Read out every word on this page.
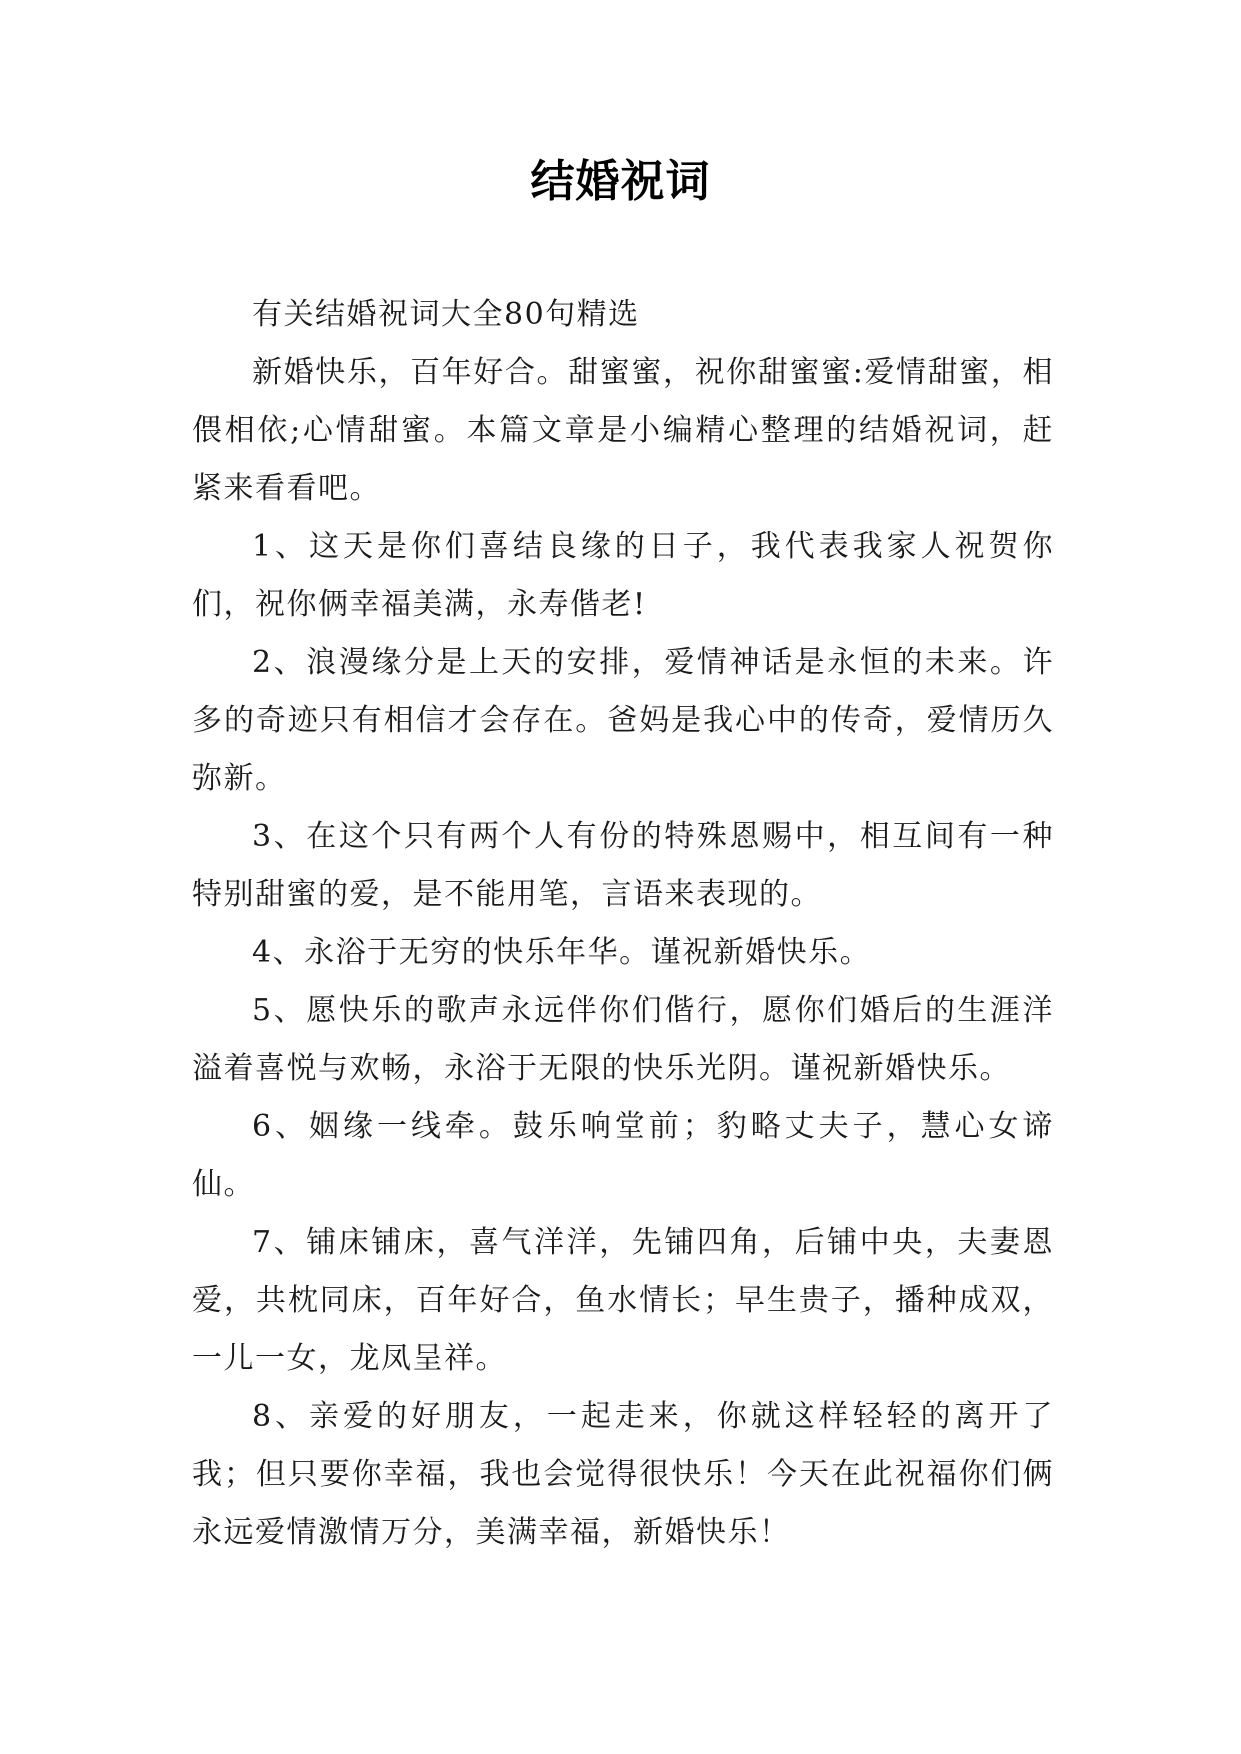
结婚祝词

有关结婚祝词大全80句精选

新婚快乐，百年好合。甜蜜蜜，祝你甜蜜蜜:爱情甜蜜，相偎相依;心情甜蜜。本篇文章是小编精心整理的结婚祝词，赶紧来看看吧。

1、这天是你们喜结良缘的日子，我代表我家人祝贺你们，祝你俩幸福美满，永寿偕老!

2、浪漫缘分是上天的安排，爱情神话是永恒的未来。许多的奇迹只有相信才会存在。爸妈是我心中的传奇，爱情历久弥新。

3、在这个只有两个人有份的特殊恩赐中，相互间有一种特别甜蜜的爱，是不能用笔，言语来表现的。

4、永浴于无穷的快乐年华。谨祝新婚快乐。

5、愿快乐的歌声永远伴你们偕行，愿你们婚后的生涯洋溢着喜悦与欢畅，永浴于无限的快乐光阴。谨祝新婚快乐。

6、姻缘一线牵。鼓乐响堂前；豹略丈夫子，慧心女谛仙。

7、铺床铺床，喜气洋洋，先铺四角，后铺中央，夫妻恩爱，共枕同床，百年好合，鱼水情长；早生贵子，播种成双，一儿一女，龙凤呈祥。

8、亲爱的好朋友，一起走来，你就这样轻轻的离开了我；但只要你幸福，我也会觉得很快乐！今天在此祝福你们俩永远爱情激情万分，美满幸福，新婚快乐！
